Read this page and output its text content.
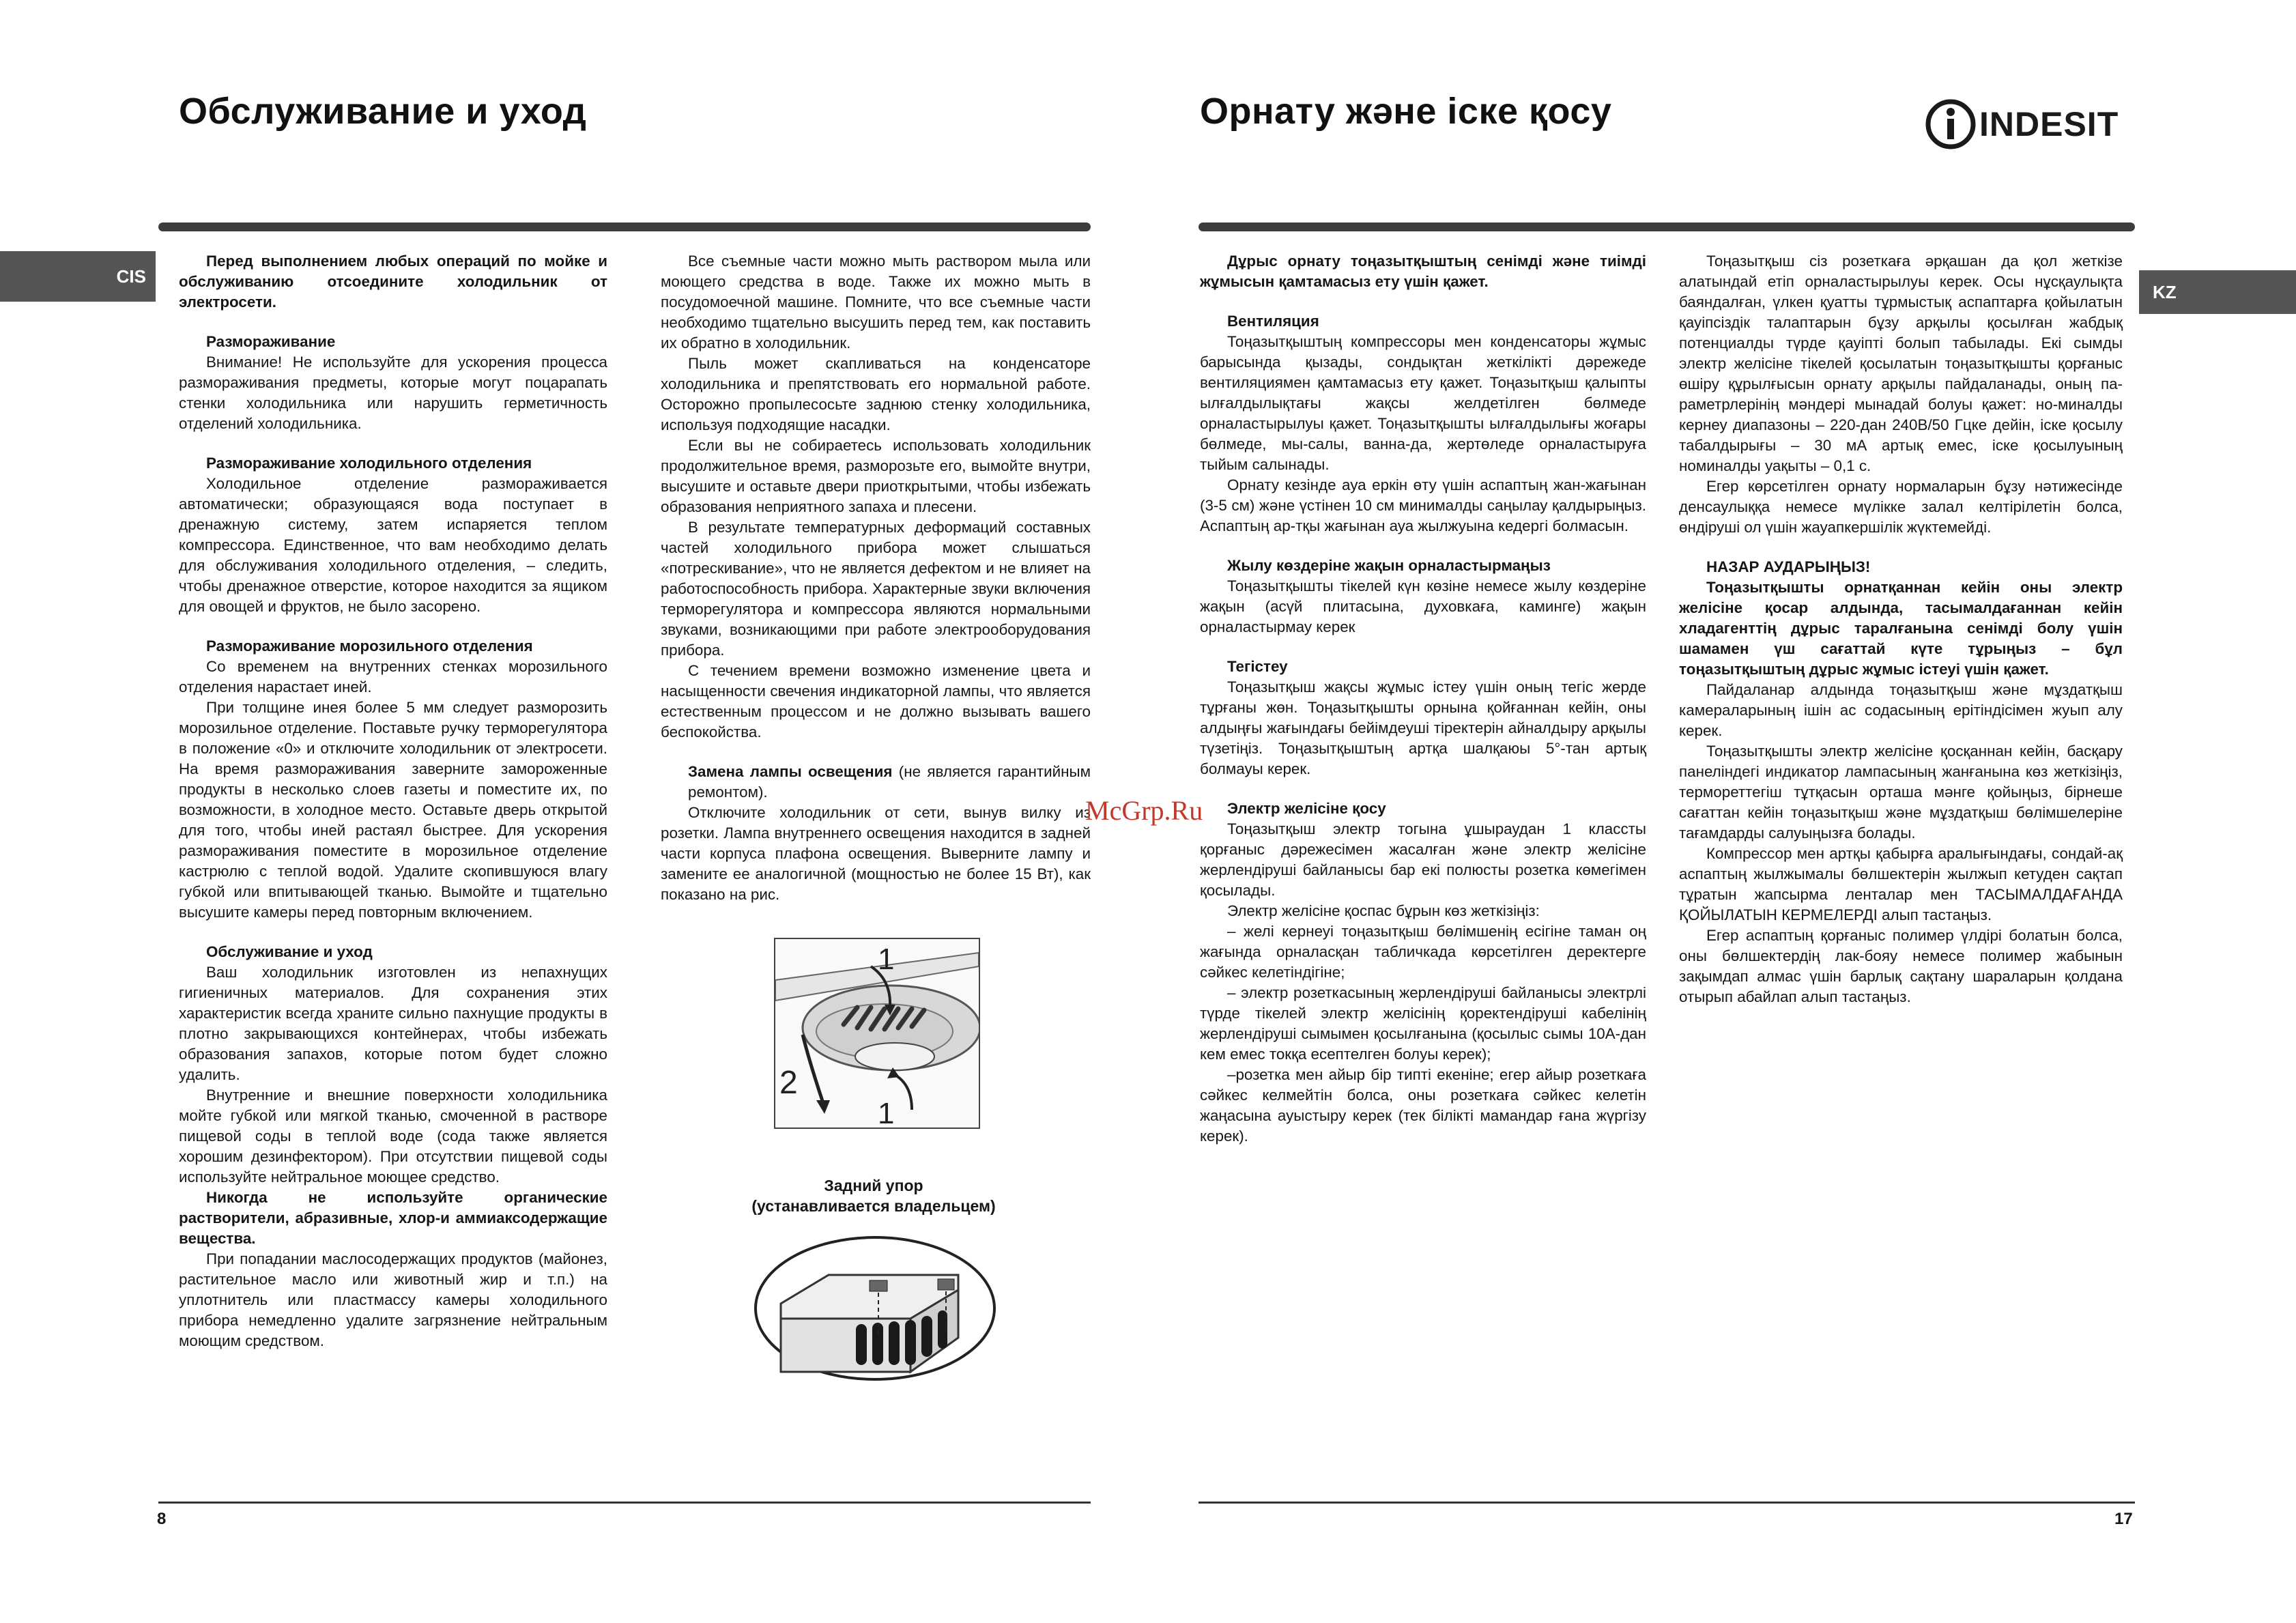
Обслуживание и уход
CIS

Перед выполнением любых операций по мойке и обслуживанию отсоедините холодильник от электросети.

Размораживание

Внимание! Не используйте для ускорения процесса размораживания предметы, которые могут поцарапать стенки холодильника или нарушить герметичность отделений холодильника.

Размораживание холодильного отделения

Холодильное отделение размораживается автоматически; образующаяся вода поступает в дренажную систему, затем испаряется теплом компрессора. Единственное, что вам необходимо делать для обслуживания холодильного отделения, – следить, чтобы дренажное отверстие, которое находится за ящиком для овощей и фруктов, не было засорено.

Размораживание морозильного отделения

Со временем на внутренних стенках морозильного отделения нарастает иней.

При толщине инея более 5 мм следует разморозить морозильное отделение. Поставьте ручку терморегулятора в положение «0» и отключите холодильник от электросети. На время размораживания заверните замороженные продукты в несколько слоев газеты и поместите их, по возможности, в холодное место. Оставьте дверь открытой для того, чтобы иней растаял быстрее. Для ускорения размораживания поместите в морозильное отделение кастрюлю с теплой водой. Удалите скопившуюся влагу губкой или впитывающей тканью. Вымойте и тщательно высушите камеры перед повторным включением.

Обслуживание и уход

Ваш холодильник изготовлен из непахнущих гигиеничных материалов. Для сохранения этих характеристик всегда храните сильно пахнущие продукты в плотно закрывающихся контейнерах, чтобы избежать образования запахов, которые потом будет сложно удалить.

Внутренние и внешние поверхности холодильника мойте губкой или мягкой тканью, смоченной в растворе пищевой соды в теплой воде (сода также является хорошим дезинфектором). При отсутствии пищевой соды используйте нейтральное моющее средство.

Никогда не используйте органические растворители, абразивные, хлор-и аммиаксодержащие вещества.

При попадании маслосодержащих продуктов (майонез, растительное масло или животный жир и т.п.) на уплотнитель или пластмассу камеры холодильного прибора немедленно удалите загрязнение нейтральным моющим средством.

Все съемные части можно мыть раствором мыла или моющего средства в воде. Также их можно мыть в посудомоечной машине. Помните, что все съемные части необходимо тщательно высушить перед тем, как поставить их обратно в холодильник.

Пыль может скапливаться на конденсаторе холодильника и препятствовать его нормальной работе. Осторожно пропылесосьте заднюю стенку холодильника, используя подходящие насадки.

Если вы не собираетесь использовать холодильник продолжительное время, разморозьте его, вымойте внутри, высушите и оставьте двери приоткрытыми, чтобы избежать образования неприятного запаха и плесени.

В результате температурных деформаций составных частей холодильного прибора может слышаться «потрескивание», что не является дефектом и не влияет на работоспособность прибора. Характерные звуки включения терморегулятора и компрессора являются нормальными звуками, возникающими при работе электрооборудования прибора.

С течением времени возможно изменение цвета и насыщенности свечения индикаторной лампы, что является естественным процессом и не должно вызывать вашего беспокойства.

Замена лампы освещения (не является гарантийным ремонтом).

Отключите холодильник от сети, вынув вилку из розетки. Лампа внутреннего освещения находится в задней части корпуса плафона освещения. Выверните лампу и замените ее аналогичной (мощностью не более 15 Вт), как показано на рис.

1
2
1
Задний упор
(устанавливается владельцем)
8
McGrp.Ru
Орнату және іске қосу	INDESIT
KZ

Дұрыс орнату тоңазытқыштың сенімді және тиімді жұмысын қамтамасыз ету үшін қажет.

Вентиляция

Тоңазытқыштың компрессоры мен конденсаторы жұмыс барысында қызады, сондықтан жеткілікті дәрежеде вентиляциямен қамтамасыз ету қажет. Тоңазытқыш қалыпты ылғалдылықтағы жақсы желдетілген бөлмеде орналастырылуы қажет. Тоңазытқышты ылғалдылығы жоғары бөлмеде, мы-салы, ванна-да, жертөледе орналастыруға тыйым салынады.

Орнату кезінде ауа еркін өту үшін аспаптың жан-жағынан (3-5 см) және үстінен 10 см минималды саңылау қалдырыңыз. Аспаптың ар-тқы жағынан ауа жылжуына кедергі болмасын.

Жылу көздеріне жақын орналастырмаңыз

Тоңазытқышты тікелей күн көзіне немесе жылу көздеріне жақын (асүй плитасына, духовкаға, каминге) жақын орналастырмау керек

Тегістеу

Тоңазытқыш жақсы жұмыс істеу үшін оның тегіс жерде тұрғаны жөн. Тоңазытқышты орнына қойғаннан кейін, оны алдыңғы жағындағы бейімдеуші тіректерін айналдыру арқылы түзетіңіз. Тоңазытқыштың артқа шалқаюы 5°-тан артық болмауы керек.

Электр желісіне қосу

Тоңазытқыш электр тогына ұшыраудан 1 классты қорғаныс дәрежесімен жасалған және электр желісіне жерлендіруші байланысы бар екі полюсты розетка көмегімен қосылады.

Электр желісіне қоспас бұрын көз жеткізіңіз:

– желі кернеуі тоңазытқыш бөлімшенің есігіне таман оң жағында орналасқан табличкада көрсетілген деректерге сәйкес келетіндігіне;

– электр розеткасының жерлендіруші байланысы электрлі түрде тікелей электр желісінің қоректендіруші кабелінің жерлендіруші сымымен қосылғанына (қосылыс сымы 10A-дан кем емес токқа есептелген болуы керек);

–розетка мен айыр бір типті екеніне; егер айыр розеткаға сәйкес келмейтін болса, оны розеткаға сәйкес келетін жаңасына ауыстыру керек (тек білікті мамандар ғана жүргізу керек).

Тоңазытқыш сіз розеткаға әрқашан да қол жеткізе алатындай етіп орналастырылуы керек. Осы нұсқаулықта баяндалған, үлкен қуатты тұрмыстық аспаптарға қойылатын қауіпсіздік талаптарын бұзу арқылы қосылған жабдық потенциалды түрде қауіпті болып табылады. Екі сымды электр желісіне тікелей қосылатын тоңазытқышты қорғаныс өшіру құрылғысын орнату арқылы пайдаланады, оның па-раметрлерінің мәндері мынадай болуы қажет: но-миналды кернеу диапазоны – 220-дан 240В/50 Гцке дейін, іске қосылу табалдырығы – 30 мА артық емес, іске қосылуының номиналды уақыты – 0,1 с.

Егер көрсетілген орнату нормаларын бұзу нәтижесінде денсаулыққа немесе мүлікке залал келтірілетін болса, өндіруші ол үшін жауапкершілік жүктемейді.

НАЗАР АУДАРЫҢЫЗ!

Тоңазытқышты орнатқаннан кейін оны электр желісіне қосар алдында, тасымалдағаннан кейін хладагенттің дұрыс таралғанына сенімді болу үшін шамамен үш сағаттай күте тұрыңыз – бұл тоңазытқыштың дұрыс жұмыс істеуі үшін қажет.

Пайдаланар алдында тоңазытқыш және мұздатқыш камераларының ішін ас содасының ерітіндісімен жуып алу керек.

Тоңазытқышты электр желісіне қосқаннан кейін, басқару панеліндегі индикатор лампасының жанғанына көз жеткізіңіз, термореттегіш тұтқасын орташа мәнге қойыңыз, бірнеше сағаттан кейін тоңазытқыш және мұздатқыш бөлімшелеріне тағамдарды салуыңызға болады.

Компрессор мен артқы қабырға аралығындағы, сондай-ақ аспаптың жылжымалы бөлшектерін жылжып кетуден сақтап тұратын жапсырма ленталар мен ТАСЫМАЛДАҒАНДА ҚОЙЫЛАТЫН КЕРМЕЛЕРДІ алып тастаңыз.

Егер аспаптың қорғаныс полимер үлдірі болатын болса, оны бөлшектердің лак-бояу немесе полимер жабынын зақымдап алмас үшін барлық сақтану шараларын қолдана отырып абайлап алып тастаңыз.

17
